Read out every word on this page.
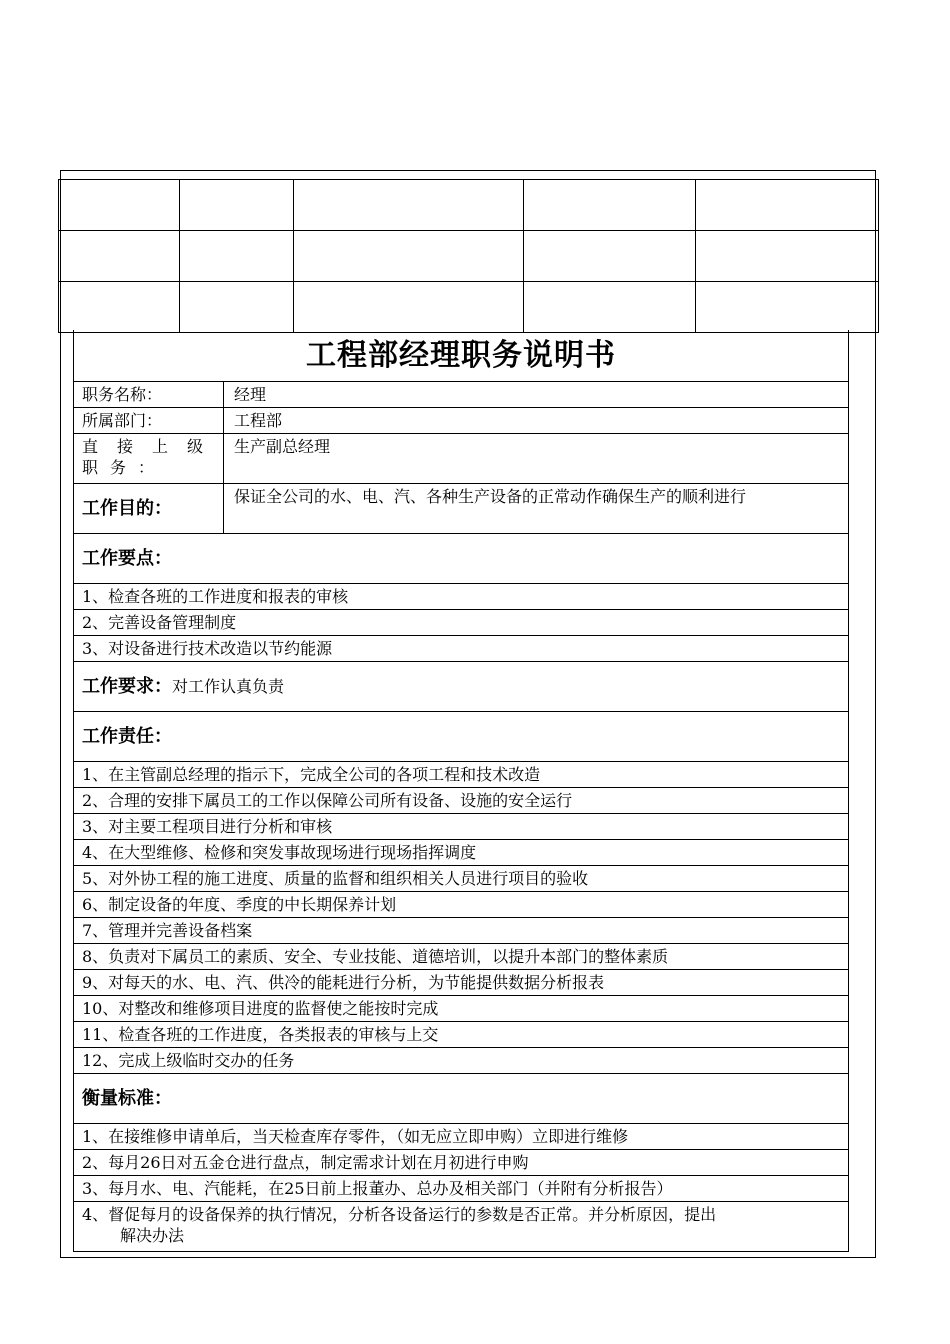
工程部经理职务说明书
职务名称：	经理
所属部门：	工程部
直接上级职务：
生产副总经理
工作目的：
保证全公司的水、电、汽、各种生产设备的正常动作确保生产的顺利进行
工作要点：
1、检查各班的工作进度和报表的审核
2、完善设备管理制度
3、对设备进行技术改造以节约能源
工作要求： 对工作认真负责
工作责任：
1、在主管副总经理的指示下，完成全公司的各项工程和技术改造
2、合理的安排下属员工的工作以保障公司所有设备、设施的安全运行
3、对主要工程项目进行分析和审核
4、在大型维修、检修和突发事故现场进行现场指挥调度
5、对外协工程的施工进度、质量的监督和组织相关人员进行项目的验收
6、制定设备的年度、季度的中长期保养计划
7、管理并完善设备档案
8、负责对下属员工的素质、安全、专业技能、道德培训，以提升本部门的整体素质
9、对每天的水、电、汽、供冷的能耗进行分析，为节能提供数据分析报表
10、对整改和维修项目进度的监督使之能按时完成
11、检查各班的工作进度，各类报表的审核与上交
12、完成上级临时交办的任务
衡量标准：
1、在接维修申请单后，当天检查库存零件，（如无应立即申购）立即进行维修
2、每月26日对五金仓进行盘点，制定需求计划在月初进行申购
3、每月水、电、汽能耗，在25日前上报董办、总办及相关部门（并附有分析报告）
4、督促每月的设备保养的执行情况，分析各设备运行的参数是否正常。并分析原因，提出
解决办法
